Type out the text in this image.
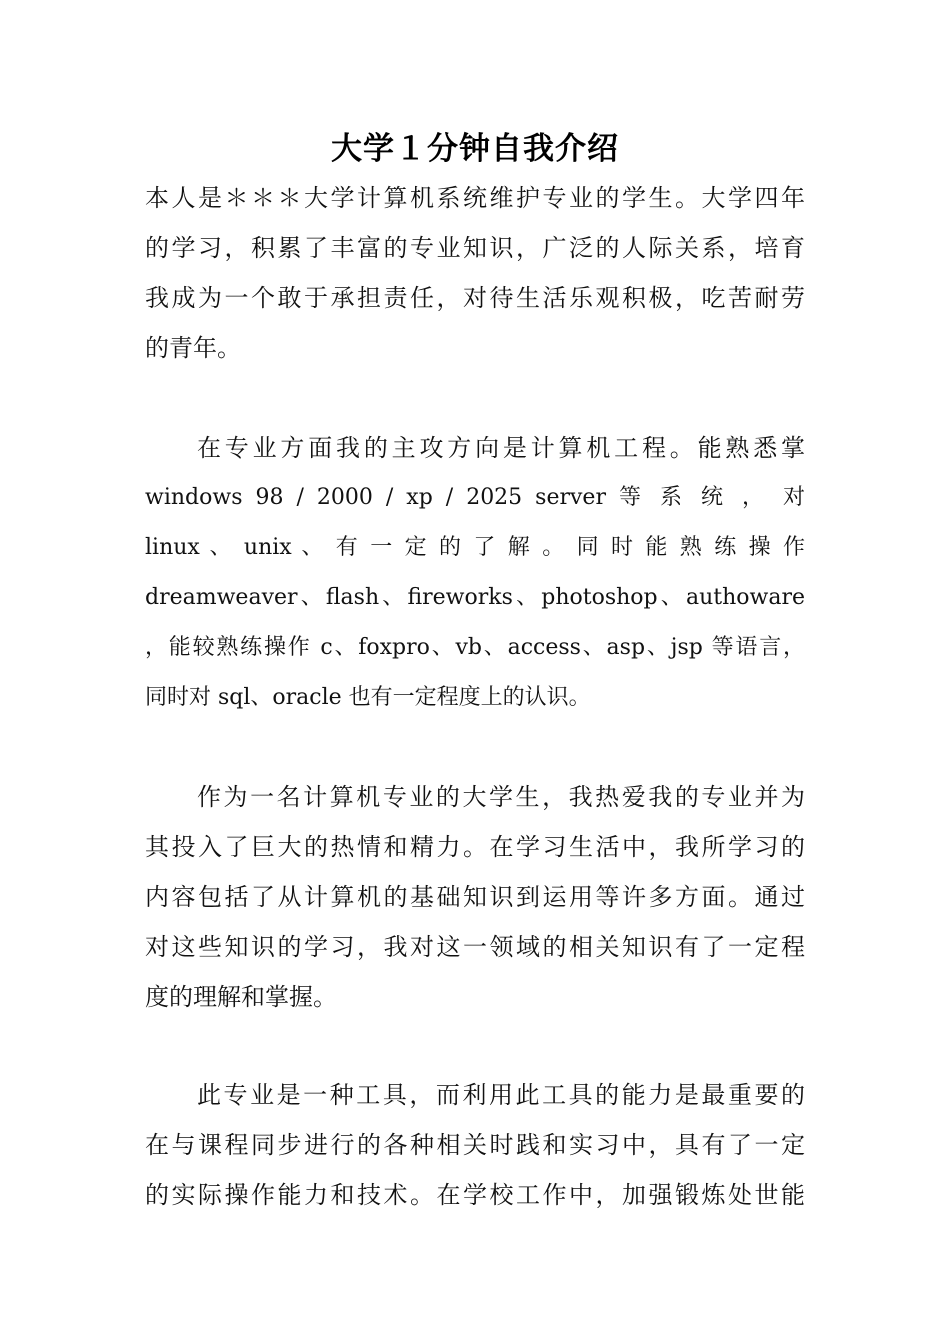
大学１分钟自我介绍
本人是＊＊＊大学计算机系统维护专业的学生。大学四年
的学习，积累了丰富的专业知识，广泛的人际关系，培育
我成为一个敢于承担责任，对待生活乐观积极，吃苦耐劳
的青年。
在专业方面我的主攻方向是计算机工程。能熟悉掌
windows 98 / 2000 / xp / 2025 server 等 系 统 ， 对
linux 、 unix 、 有 一 定 的 了 解 。 同 时 能 熟 练 操 作
dreamweaver、flash、fireworks、photoshop、authoware
，能较熟练操作 c、foxpro、vb、access、asp、jsp 等语言，
同时对 sql、oracle 也有一定程度上的认识。
作为一名计算机专业的大学生，我热爱我的专业并为
其投入了巨大的热情和精力。在学习生活中，我所学习的
内容包括了从计算机的基础知识到运用等许多方面。通过
对这些知识的学习，我对这一领域的相关知识有了一定程
度的理解和掌握。
此专业是一种工具，而利用此工具的能力是最重要的
在与课程同步进行的各种相关时践和实习中，具有了一定
的实际操作能力和技术。在学校工作中，加强锻炼处世能
